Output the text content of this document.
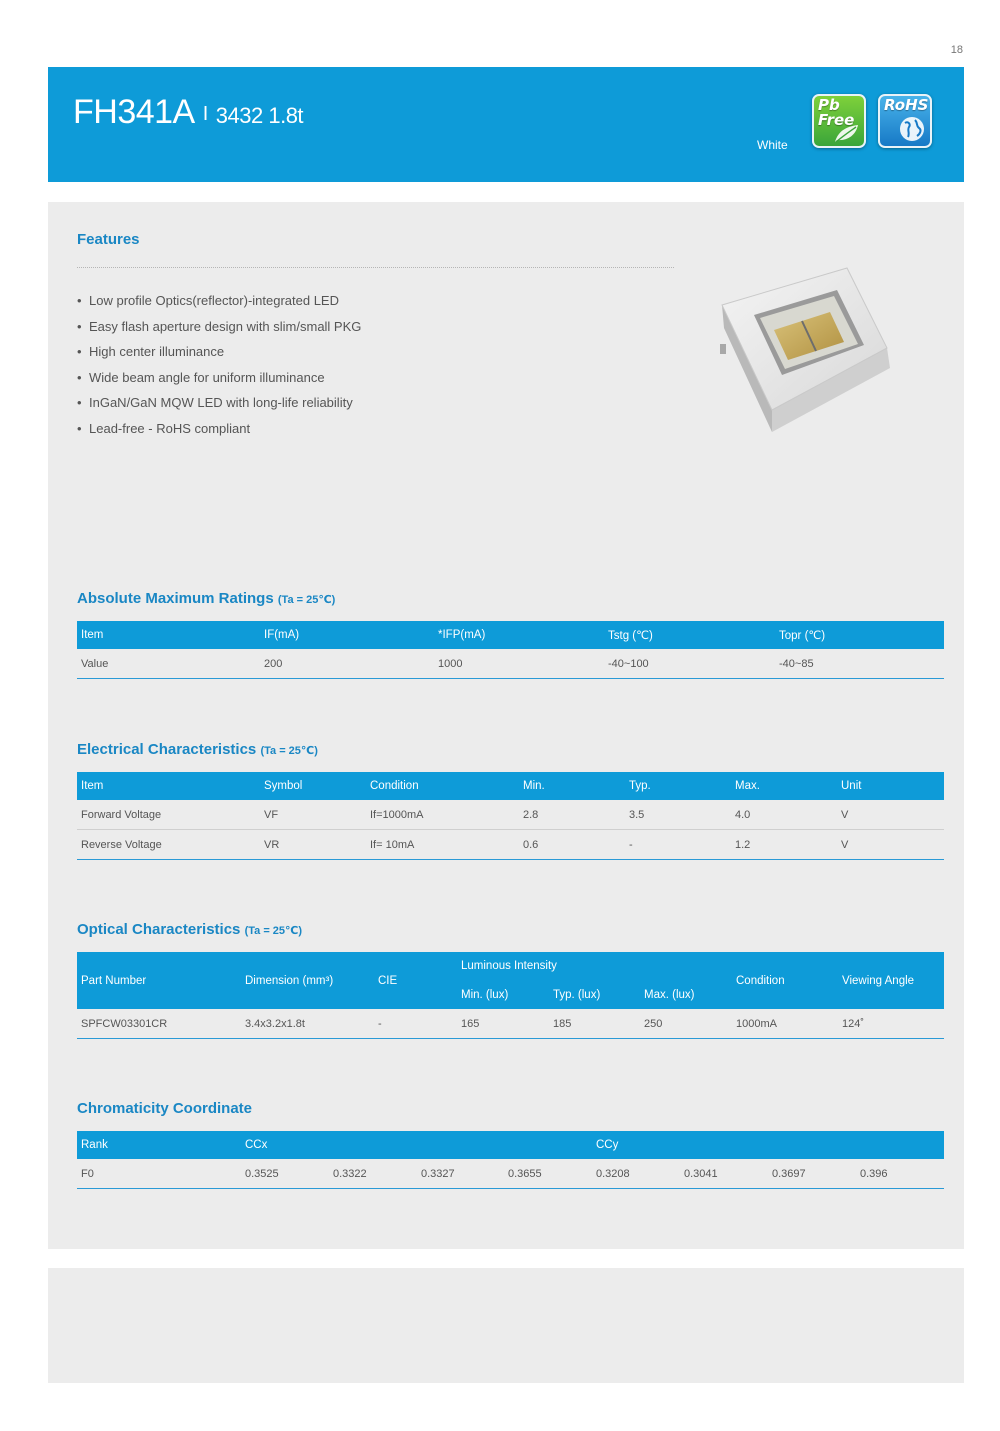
18
FH341A I 3432 1.8t
White
Pb
Free
RoHS
Features
• Low profile Optics(reflector)-integrated LED
• Easy flash aperture design with slim/small PKG
• High center illuminance
• Wide beam angle for uniform illuminance
• InGaN/GaN MQW LED with long-life reliability
• Lead-free - RoHS compliant
Absolute Maximum Ratings (Ta = 25℃)
Item	IF(mA)	*IFP(mA)	Tstg (℃)	Topr (℃)
Value	200	1000	-40~100	-40~85
Electrical Characteristics (Ta = 25℃)
Item	Symbol	Condition	Min.	Typ.	Max.	Unit
Forward Voltage	VF	If=1000mA	2.8	3.5	4.0	V
Reverse Voltage	VR	If= 10mA	0.6	-	1.2	V
Optical Characteristics (Ta = 25℃)
Part Number	Dimension (mm³)	CIE	Luminous Intensity			Condition	Viewing Angle
			Min. (lux)	Typ. (lux)	Max. (lux)		
SPFCW03301CR	3.4x3.2x1.8t	-	165	185	250	1000mA	124˚
Chromaticity Coordinate
Rank	CCx				CCy			
F0	0.3525	0.3322	0.3327	0.3655	0.3208	0.3041	0.3697	0.396
